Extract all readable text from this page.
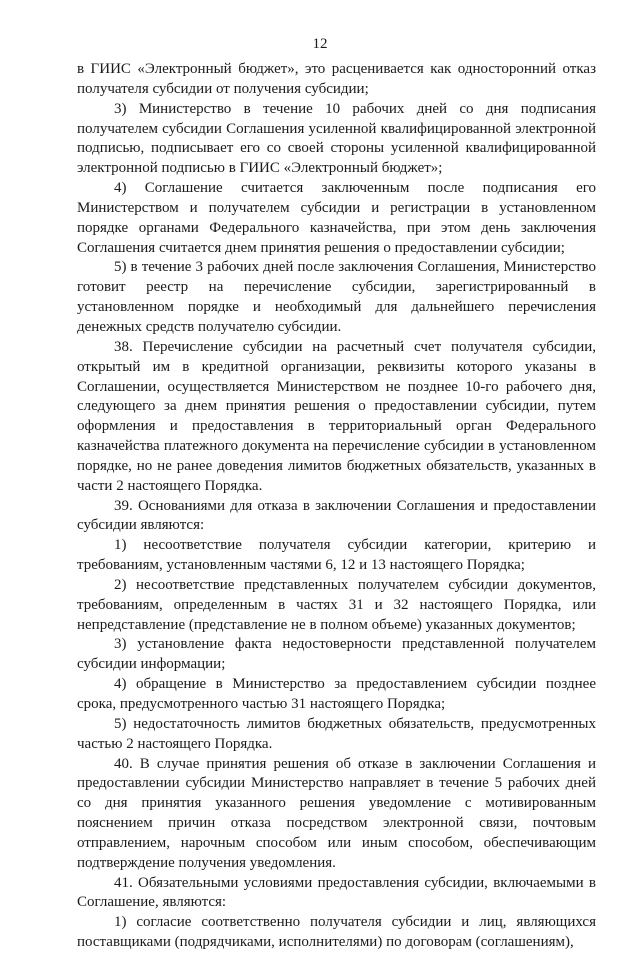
12

в ГИИС «Электронный бюджет», это расценивается как односторонний отказ получателя субсидии от получения субсидии;

3) Министерство в течение 10 рабочих дней со дня подписания получателем субсидии Соглашения усиленной квалифицированной электронной подписью, подписывает его со своей стороны усиленной квалифицированной электронной подписью в ГИИС «Электронный бюджет»;

4) Соглашение считается заключенным после подписания его Министерством и получателем субсидии и регистрации в установленном порядке органами Федерального казначейства, при этом день заключения Соглашения считается днем принятия решения о предоставлении субсидии;

5) в течение 3 рабочих дней после заключения Соглашения, Министерство готовит реестр на перечисление субсидии, зарегистрированный в установленном порядке и необходимый для дальнейшего перечисления денежных средств получателю субсидии.

38. Перечисление субсидии на расчетный счет получателя субсидии, открытый им в кредитной организации, реквизиты которого указаны в Соглашении, осуществляется Министерством не позднее 10-го рабочего дня, следующего за днем принятия решения о предоставлении субсидии, путем оформления и предоставления в территориальный орган Федерального казначейства платежного документа на перечисление субсидии в установленном порядке, но не ранее доведения лимитов бюджетных обязательств, указанных в части 2 настоящего Порядка.

39. Основаниями для отказа в заключении Соглашения и предоставлении субсидии являются:

1) несоответствие получателя субсидии категории, критерию и требованиям, установленным частями 6, 12 и 13 настоящего Порядка;

2) несоответствие представленных получателем субсидии документов, требованиям, определенным в частях 31 и 32 настоящего Порядка, или непредставление (представление не в полном объеме) указанных документов;

3) установление факта недостоверности представленной получателем субсидии информации;

4) обращение в Министерство за предоставлением субсидии позднее срока, предусмотренного частью 31 настоящего Порядка;

5) недостаточность лимитов бюджетных обязательств, предусмотренных частью 2 настоящего Порядка.

40. В случае принятия решения об отказе в заключении Соглашения и предоставлении субсидии Министерство направляет в течение 5 рабочих дней со дня принятия указанного решения уведомление с мотивированным пояснением причин отказа посредством электронной связи, почтовым отправлением, нарочным способом или иным способом, обеспечивающим подтверждение получения уведомления.

41. Обязательными условиями предоставления субсидии, включаемыми в Соглашение, являются:

1) согласие соответственно получателя субсидии и лиц, являющихся поставщиками (подрядчиками, исполнителями) по договорам (соглашениям),
